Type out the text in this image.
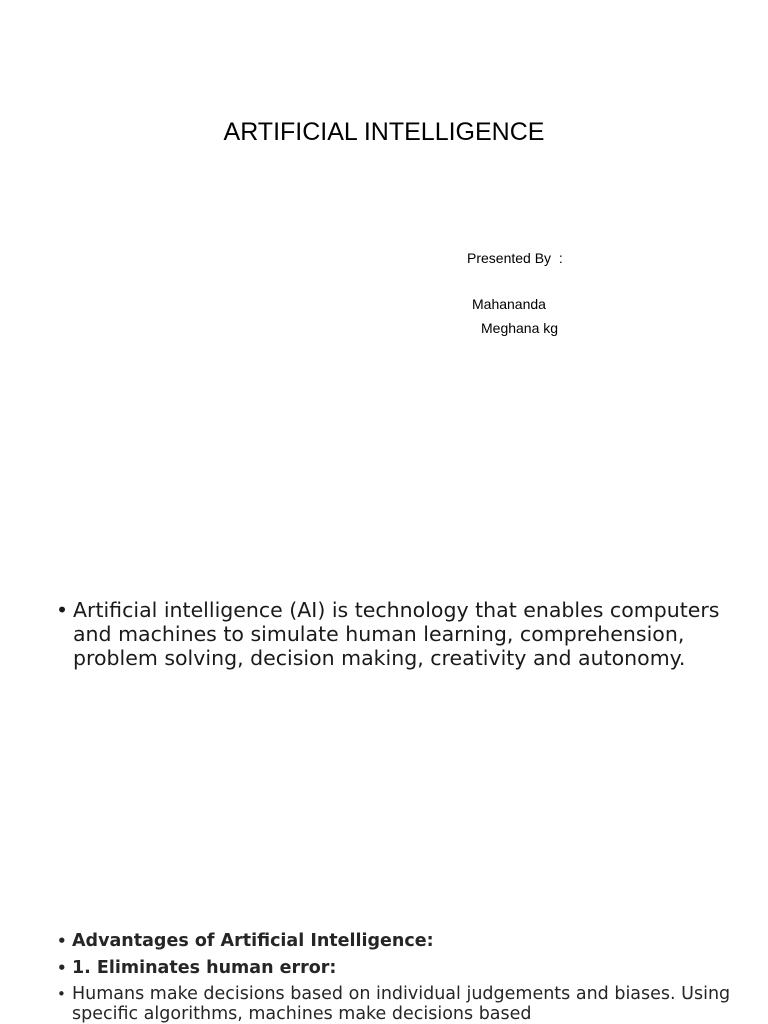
ARTIFICIAL INTELLIGENCE
Presented By  :
Mahananda
Meghana kg
• Artificial intelligence (AI) is technology that enables computers and machines to simulate human learning, comprehension, problem solving, decision making, creativity and autonomy.
• Advantages of Artificial Intelligence:
• 1. Eliminates human error:
• Humans make decisions based on individual judgements and biases. Using specific algorithms, machines make decisions based
